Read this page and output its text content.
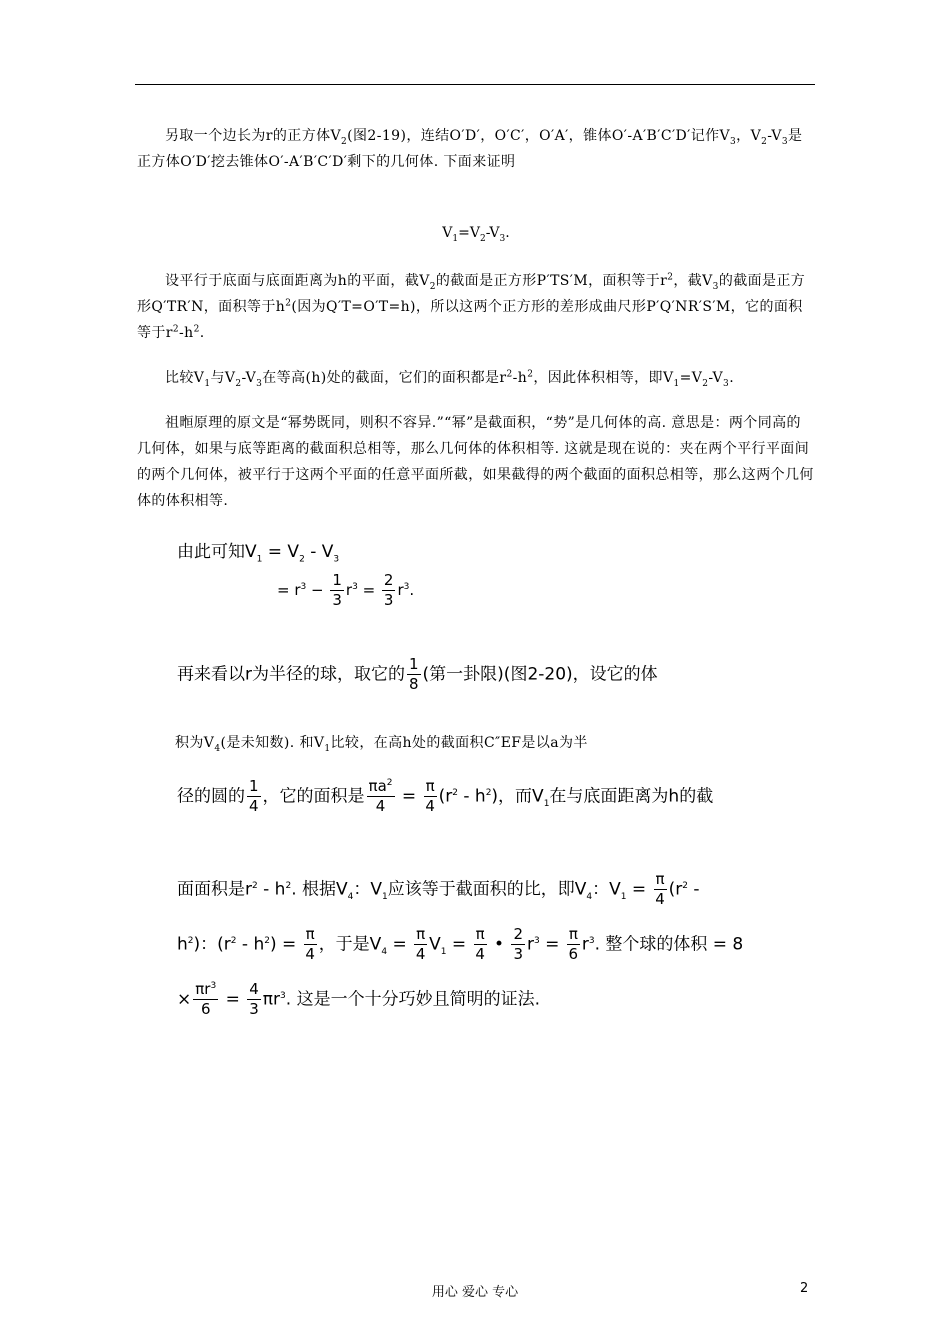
另取一个边长为r的正方体$V_2$(图2-19)，连结O′D′，O′C′，O′A′，锥体O′-A′B′C′D′记作$V_3$，$V_2-V_3$是正方体O′D′挖去锥体O′-A′B′C′D′剩下的几何体. 下面来证明
$V_1=V_2-V_3$.
设平行于底面与底面距离为h的平面，截$V_2$的截面是正方形P′TS′M，面积等于$r^2$，截$V_3$的截面是正方形Q′TR′N，面积等于$h^2$(因为Q′T=O′T=h)，所以这两个正方形的差形成曲尺形P′Q′NR′S′M，它的面积等于$r^2-h^2$.
比较$V_1$与$V_2-V_3$在等高(h)处的截面，它们的面积都是$r^2-h^2$，因此体积相等，即$V_1=V_2-V_3$.
祖暅原理的原文是“幂势既同，则积不容异.”“幂”是截面积，“势”是几何体的高. 意思是：两个同高的几何体，如果与底等距离的截面积总相等，那么几何体的体积相等. 这就是现在说的：夹在两个平行平面间的两个几何体，被平行于这两个平面的任意平面所截，如果截得的两个截面的面积总相等，那么这两个几何体的体积相等.
由此可知$V_1 = V_2 - V_3$
= $r^3 - \frac{1}{3} r^3 = \frac{2}{3} r^3$.
再来看以r为半径的球，取它的 $\frac{1}{8}$ (第一卦限)(图2-20)，设它的体
积为$V_4$(是未知数). 和$V_1$比较，在高h处的截面积C″EF是以a为半
径的圆的 $\frac{1}{4}$ ，它的面积是 $\frac{\pi a^2}{4} = \frac{\pi}{4} (r^2 - h^2)$，而$V_1$在与底面距离为h的截
面面积是$r^2 - h^2$. 根据$V_4$：$V_1$应该等于截面积的比，即$V_4$：$V_1 = \frac{\pi}{4} (r^2$ -
$h^2$)：$(r^2 - h^2) = \frac{\pi}{4}$ ，于是$V_4 = \frac{\pi}{4} V_1 = \frac{\pi}{4}$ • $\frac{2}{3} r^3 = \frac{\pi}{6} r^3$. 整个球的体积 = 8
× $\frac{\pi r^3}{6} = \frac{4}{3} \pi r^3$. 这是一个十分巧妙且简明的证法.
用心 爱心 专心	2
